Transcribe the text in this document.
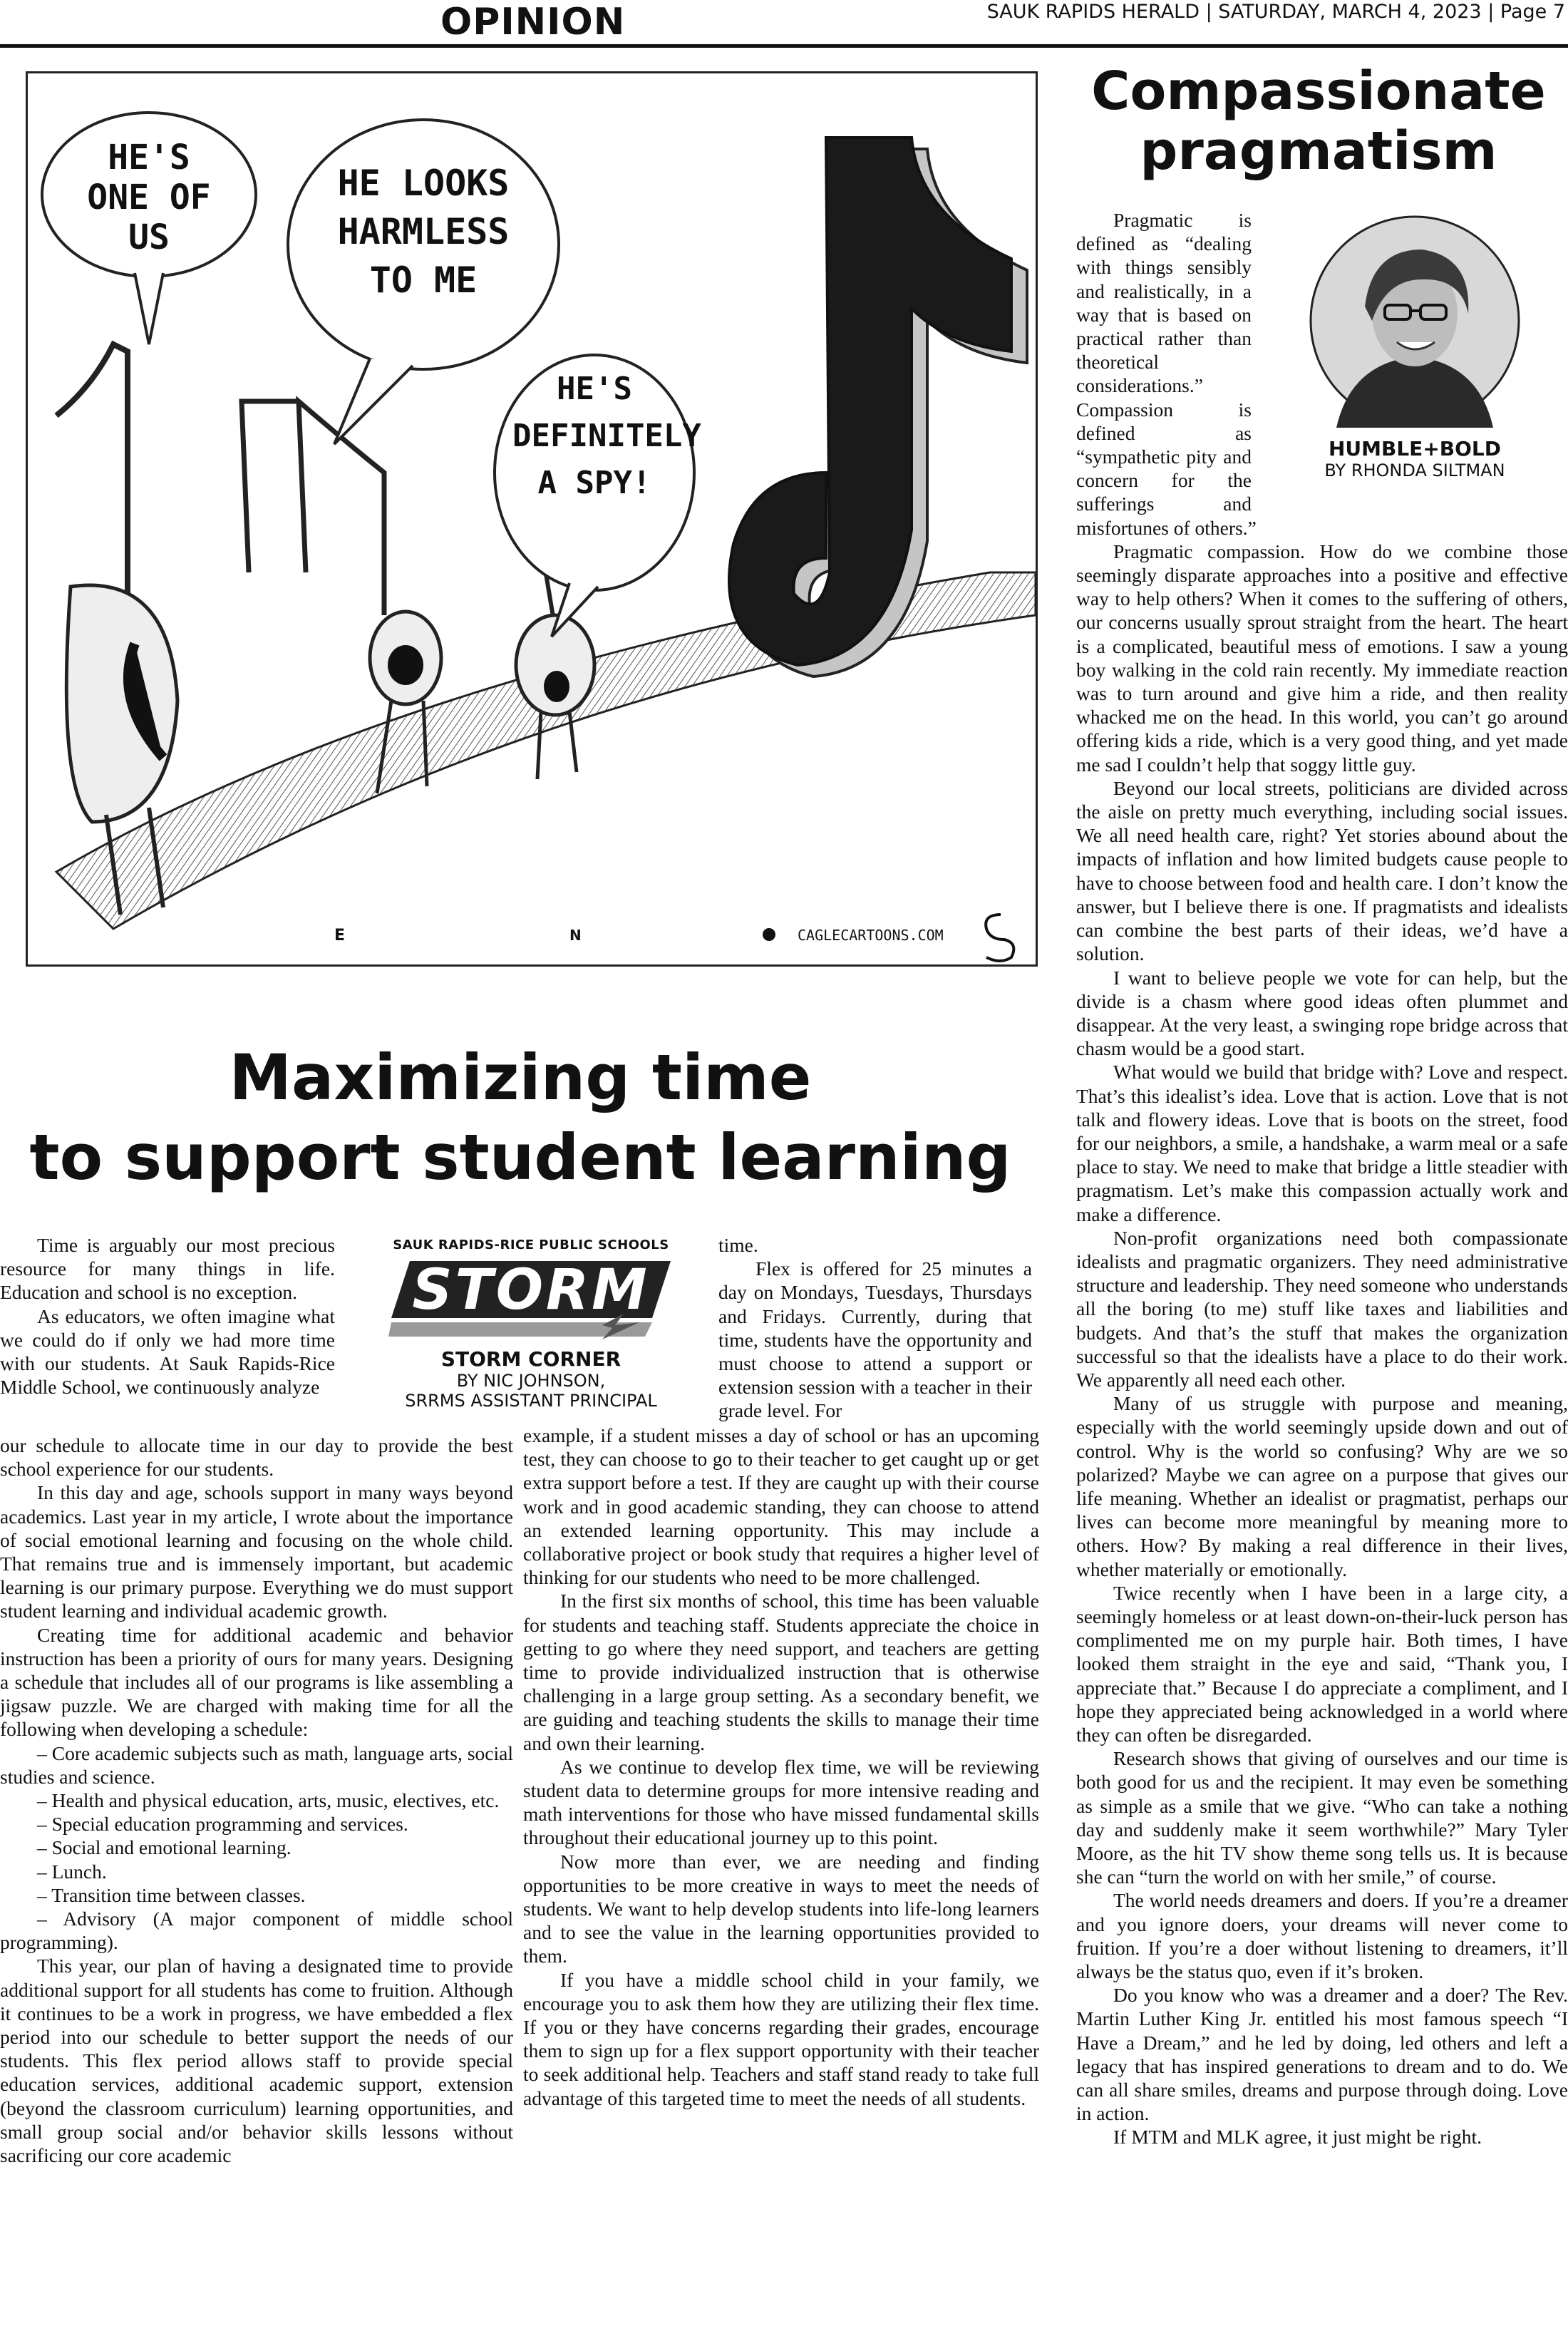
OPINION	SAUK RAPIDS HERALD | SATURDAY, MARCH 4, 2023 | Page 7
HE'S ONE OF US
HE LOOKS HARMLESS TO ME
HE'S DEFINITELY A SPY!
E	N	CAGLECARTOONS.COM
Maximizing time
to support student learning
SAUK RAPIDS-RICE PUBLIC SCHOOLS
STORM
STORM CORNER
BY NIC JOHNSON,
SRRMS ASSISTANT PRINCIPAL

Time is arguably our most precious resource for many things in life. Education and school is no exception.

As educators, we often imagine what we could do if only we had more time with our students. At Sauk Rapids-Rice Middle School, we continuously analyze

our schedule to allocate time in our day to provide the best school experience for our students.

In this day and age, schools support in many ways beyond academics. Last year in my article, I wrote about the importance of social emotional learning and focusing on the whole child. That remains true and is immensely important, but academic learning is our primary purpose. Everything we do must support student learning and individual academic growth.

Creating time for additional academic and behavior instruction has been a priority of ours for many years. Designing a schedule that includes all of our programs is like assembling a jigsaw puzzle. We are charged with making time for all the following when developing a schedule:

– Core academic subjects such as math, language arts, social studies and science.

– Health and physical education, arts, music, electives, etc.

– Special education programming and services.

– Social and emotional learning.

– Lunch.

– Transition time between classes.

– Advisory (A major component of middle school programming).

This year, our plan of having a designated time to provide additional support for all students has come to fruition. Although it continues to be a work in progress, we have embedded a flex period into our schedule to better support the needs of our students. This flex period allows staff to provide special education services, additional academic support, extension (beyond the classroom curriculum) learning opportunities, and small group social and/or behavior skills lessons without sacrificing our core academic

time.

Flex is offered for 25 minutes a day on Mondays, Tuesdays, Thursdays and Fridays. Currently, during that time, students have the opportunity and must choose to attend a support or extension session with a teacher in their grade level. For

example, if a student misses a day of school or has an upcoming test, they can choose to go to their teacher to get caught up or get extra support before a test. If they are caught up with their course work and in good academic standing, they can choose to attend an extended learning opportunity. This may include a collaborative project or book study that requires a higher level of thinking for our students who need to be more challenged.

In the first six months of school, this time has been valuable for students and teaching staff. Students appreciate the choice in getting to go where they need support, and teachers are getting time to provide individualized instruction that is otherwise challenging in a large group setting. As a secondary benefit, we are guiding and teaching students the skills to manage their time and own their learning.

As we continue to develop flex time, we will be reviewing student data to determine groups for more intensive reading and math interventions for those who have missed fundamental skills throughout their educational journey up to this point.

Now more than ever, we are needing and finding opportunities to be more creative in ways to meet the needs of students. We want to help develop students into life-long learners and to see the value in the learning opportunities provided to them.

If you have a middle school child in your family, we encourage you to ask them how they are utilizing their flex time. If you or they have concerns regarding their grades, encourage them to sign up for a flex support opportunity with their teacher to seek additional help. Teachers and staff stand ready to take full advantage of this targeted time to meet the needs of all students.

Compassionate
pragmatism
HUMBLE+BOLD
BY RHONDA SILTMAN

Pragmatic is defined as “dealing with things sensibly and realistically, in a way that is based on practical rather than theoretical considerations.” Compassion is defined as “sympathetic pity and concern for the sufferings and misfortunes of others.”

Pragmatic compassion. How do we combine those seemingly disparate approaches into a positive and effective way to help others? When it comes to the suffering of others, our concerns usually sprout straight from the heart. The heart is a complicated, beautiful mess of emotions. I saw a young boy walking in the cold rain recently. My immediate reaction was to turn around and give him a ride, and then reality whacked me on the head. In this world, you can’t go around offering kids a ride, which is a very good thing, and yet made me sad I couldn’t help that soggy little guy.

Beyond our local streets, politicians are divided across the aisle on pretty much everything, including social issues. We all need health care, right? Yet stories abound about the impacts of inflation and how limited budgets cause people to have to choose between food and health care. I don’t know the answer, but I believe there is one. If pragmatists and idealists can combine the best parts of their ideas, we’d have a solution.

I want to believe people we vote for can help, but the divide is a chasm where good ideas often plummet and disappear. At the very least, a swinging rope bridge across that chasm would be a good start.

What would we build that bridge with? Love and respect. That’s this idealist’s idea. Love that is action. Love that is not talk and flowery ideas. Love that is boots on the street, food for our neighbors, a smile, a handshake, a warm meal or a safe place to stay. We need to make that bridge a little steadier with pragmatism. Let’s make this compassion actually work and make a difference.

Non-profit organizations need both compassionate idealists and pragmatic organizers. They need administrative structure and leadership. They need someone who understands all the boring (to me) stuff like taxes and liabilities and budgets. And that’s the stuff that makes the organization successful so that the idealists have a place to do their work. We apparently all need each other.

Many of us struggle with purpose and meaning, especially with the world seemingly upside down and out of control. Why is the world so confusing? Why are we so polarized? Maybe we can agree on a purpose that gives our life meaning. Whether an idealist or pragmatist, perhaps our lives can become more meaningful by meaning more to others. How? By making a real difference in their lives, whether materially or emotionally.

Twice recently when I have been in a large city, a seemingly homeless or at least down-on-their-luck person has complimented me on my purple hair. Both times, I have looked them straight in the eye and said, “Thank you, I appreciate that.” Because I do appreciate a compliment, and I hope they appreciated being acknowledged in a world where they can often be disregarded.

Research shows that giving of ourselves and our time is both good for us and the recipient. It may even be something as simple as a smile that we give. “Who can take a nothing day and suddenly make it seem worthwhile?” Mary Tyler Moore, as the hit TV show theme song tells us. It is because she can “turn the world on with her smile,” of course.

The world needs dreamers and doers. If you’re a dreamer and you ignore doers, your dreams will never come to fruition. If you’re a doer without listening to dreamers, it’ll always be the status quo, even if it’s broken.

Do you know who was a dreamer and a doer? The Rev. Martin Luther King Jr. entitled his most famous speech “I Have a Dream,” and he led by doing, led others and left a legacy that has inspired generations to dream and to do. We can all share smiles, dreams and purpose through doing. Love in action.

If MTM and MLK agree, it just might be right.
